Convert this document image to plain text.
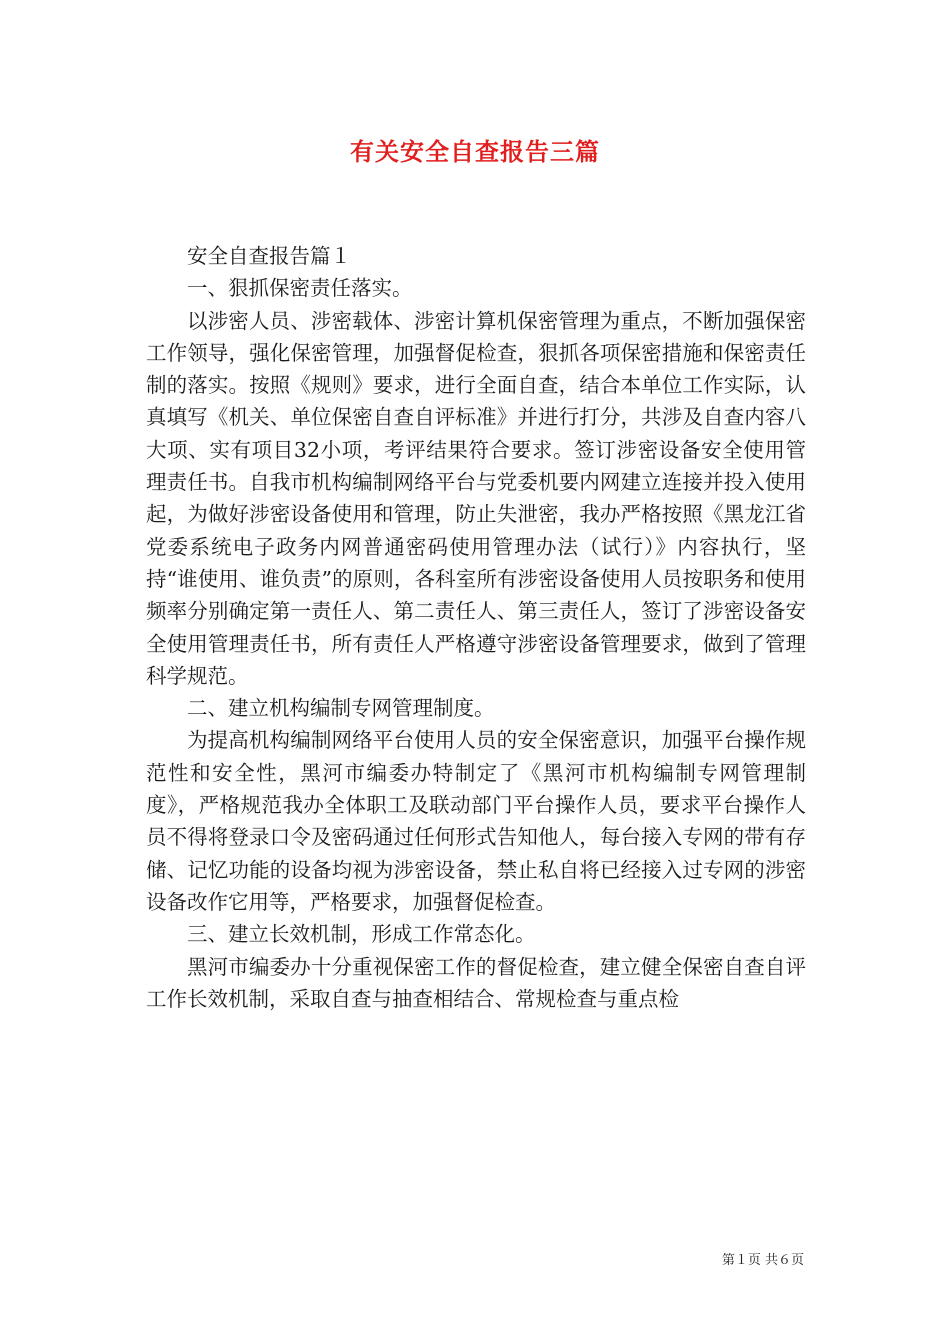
有关安全自查报告三篇

安全自查报告篇１

一、狠抓保密责任落实。

以涉密人员、涉密载体、涉密计算机保密管理为重点，不断加强保密工作领导，强化保密管理，加强督促检查，狠抓各项保密措施和保密责任制的落实。按照《规则》要求，进行全面自查，结合本单位工作实际，认真填写《机关、单位保密自查自评标准》并进行打分，共涉及自查内容八大项、实有项目32小项，考评结果符合要求。签订涉密设备安全使用管理责任书。自我市机构编制网络平台与党委机要内网建立连接并投入使用起，为做好涉密设备使用和管理，防止失泄密，我办严格按照《黑龙江省党委系统电子政务内网普通密码使用管理办法（试行）》内容执行，坚持“谁使用、谁负责”的原则，各科室所有涉密设备使用人员按职务和使用频率分别确定第一责任人、第二责任人、第三责任人，签订了涉密设备安全使用管理责任书，所有责任人严格遵守涉密设备管理要求，做到了管理科学规范。

二、建立机构编制专网管理制度。

为提高机构编制网络平台使用人员的安全保密意识，加强平台操作规范性和安全性，黑河市编委办特制定了《黑河市机构编制专网管理制度》，严格规范我办全体职工及联动部门平台操作人员，要求平台操作人员不得将登录口令及密码通过任何形式告知他人，每台接入专网的带有存储、记忆功能的设备均视为涉密设备，禁止私自将已经接入过专网的涉密设备改作它用等，严格要求，加强督促检查。

三、建立长效机制，形成工作常态化。

黑河市编委办十分重视保密工作的督促检查，建立健全保密自查自评工作长效机制，采取自查与抽查相结合、常规检查与重点检

第１页 共６页
